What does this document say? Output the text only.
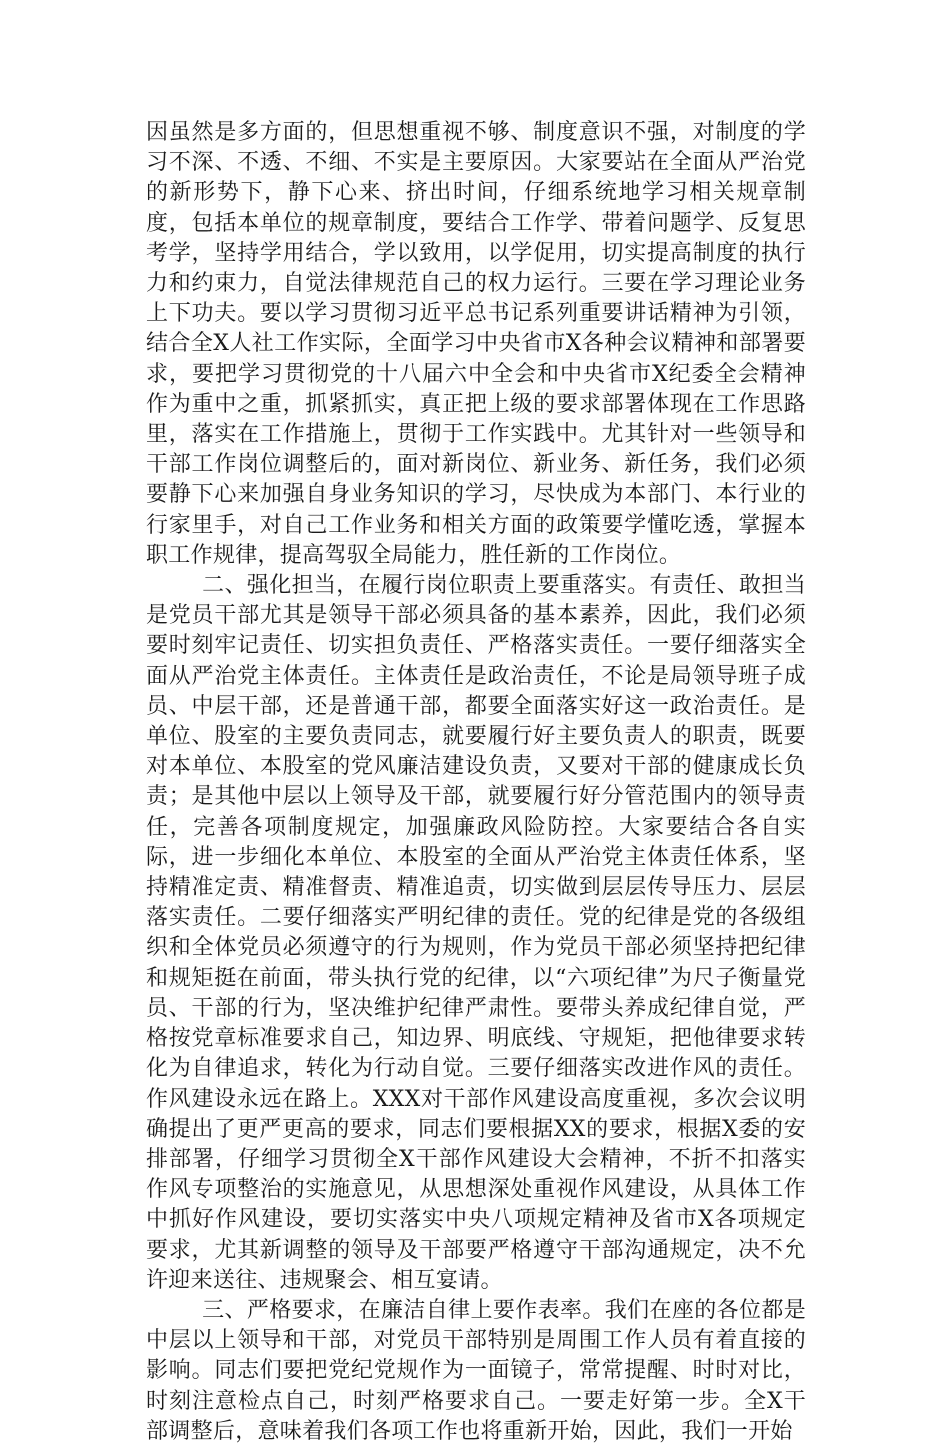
因虽然是多方面的，但思想重视不够、制度意识不强，对制度的学习不深、不透、不细、不实是主要原因。大家要站在全面从严治党的新形势下，静下心来、挤出时间，仔细系统地学习相关规章制度，包括本单位的规章制度，要结合工作学、带着问题学、反复思考学，坚持学用结合，学以致用，以学促用，切实提高制度的执行力和约束力，自觉法律规范自己的权力运行。三要在学习理论业务上下功夫。要以学习贯彻习近平总书记系列重要讲话精神为引领，结合全X人社工作实际，全面学习中央省市X各种会议精神和部署要求，要把学习贯彻党的十八届六中全会和中央省市X纪委全会精神作为重中之重，抓紧抓实，真正把上级的要求部署体现在工作思路里，落实在工作措施上，贯彻于工作实践中。尤其针对一些领导和干部工作岗位调整后的，面对新岗位、新业务、新任务，我们必须要静下心来加强自身业务知识的学习，尽快成为本部门、本行业的行家里手，对自己工作业务和相关方面的政策要学懂吃透，掌握本职工作规律，提高驾驭全局能力，胜任新的工作岗位。

二、强化担当，在履行岗位职责上要重落实。有责任、敢担当是党员干部尤其是领导干部必须具备的基本素养，因此，我们必须要时刻牢记责任、切实担负责任、严格落实责任。一要仔细落实全面从严治党主体责任。主体责任是政治责任，不论是局领导班子成员、中层干部，还是普通干部，都要全面落实好这一政治责任。是单位、股室的主要负责同志，就要履行好主要负责人的职责，既要对本单位、本股室的党风廉洁建设负责，又要对干部的健康成长负责；是其他中层以上领导及干部，就要履行好分管范围内的领导责任，完善各项制度规定，加强廉政风险防控。大家要结合各自实际，进一步细化本单位、本股室的全面从严治党主体责任体系，坚持精准定责、精准督责、精准追责，切实做到层层传导压力、层层落实责任。二要仔细落实严明纪律的责任。党的纪律是党的各级组织和全体党员必须遵守的行为规则，作为党员干部必须坚持把纪律和规矩挺在前面，带头执行党的纪律，以“六项纪律”为尺子衡量党员、干部的行为，坚决维护纪律严肃性。要带头养成纪律自觉，严格按党章标准要求自己，知边界、明底线、守规矩，把他律要求转化为自律追求，转化为行动自觉。三要仔细落实改进作风的责任。作风建设永远在路上。XXX对干部作风建设高度重视，多次会议明确提出了更严更高的要求，同志们要根据XX的要求，根据X委的安排部署，仔细学习贯彻全X干部作风建设大会精神，不折不扣落实作风专项整治的实施意见，从思想深处重视作风建设，从具体工作中抓好作风建设，要切实落实中央八项规定精神及省市X各项规定要求，尤其新调整的领导及干部要严格遵守干部沟通规定，决不允许迎来送往、违规聚会、相互宴请。

三、严格要求，在廉洁自律上要作表率。我们在座的各位都是中层以上领导和干部，对党员干部特别是周围工作人员有着直接的影响。同志们要把党纪党规作为一面镜子，常常提醒、时时对比，时刻注意检点自己，时刻严格要求自己。一要走好第一步。全X干部调整后，意味着我们各项工作也将重新开始，因此，我们一开始
